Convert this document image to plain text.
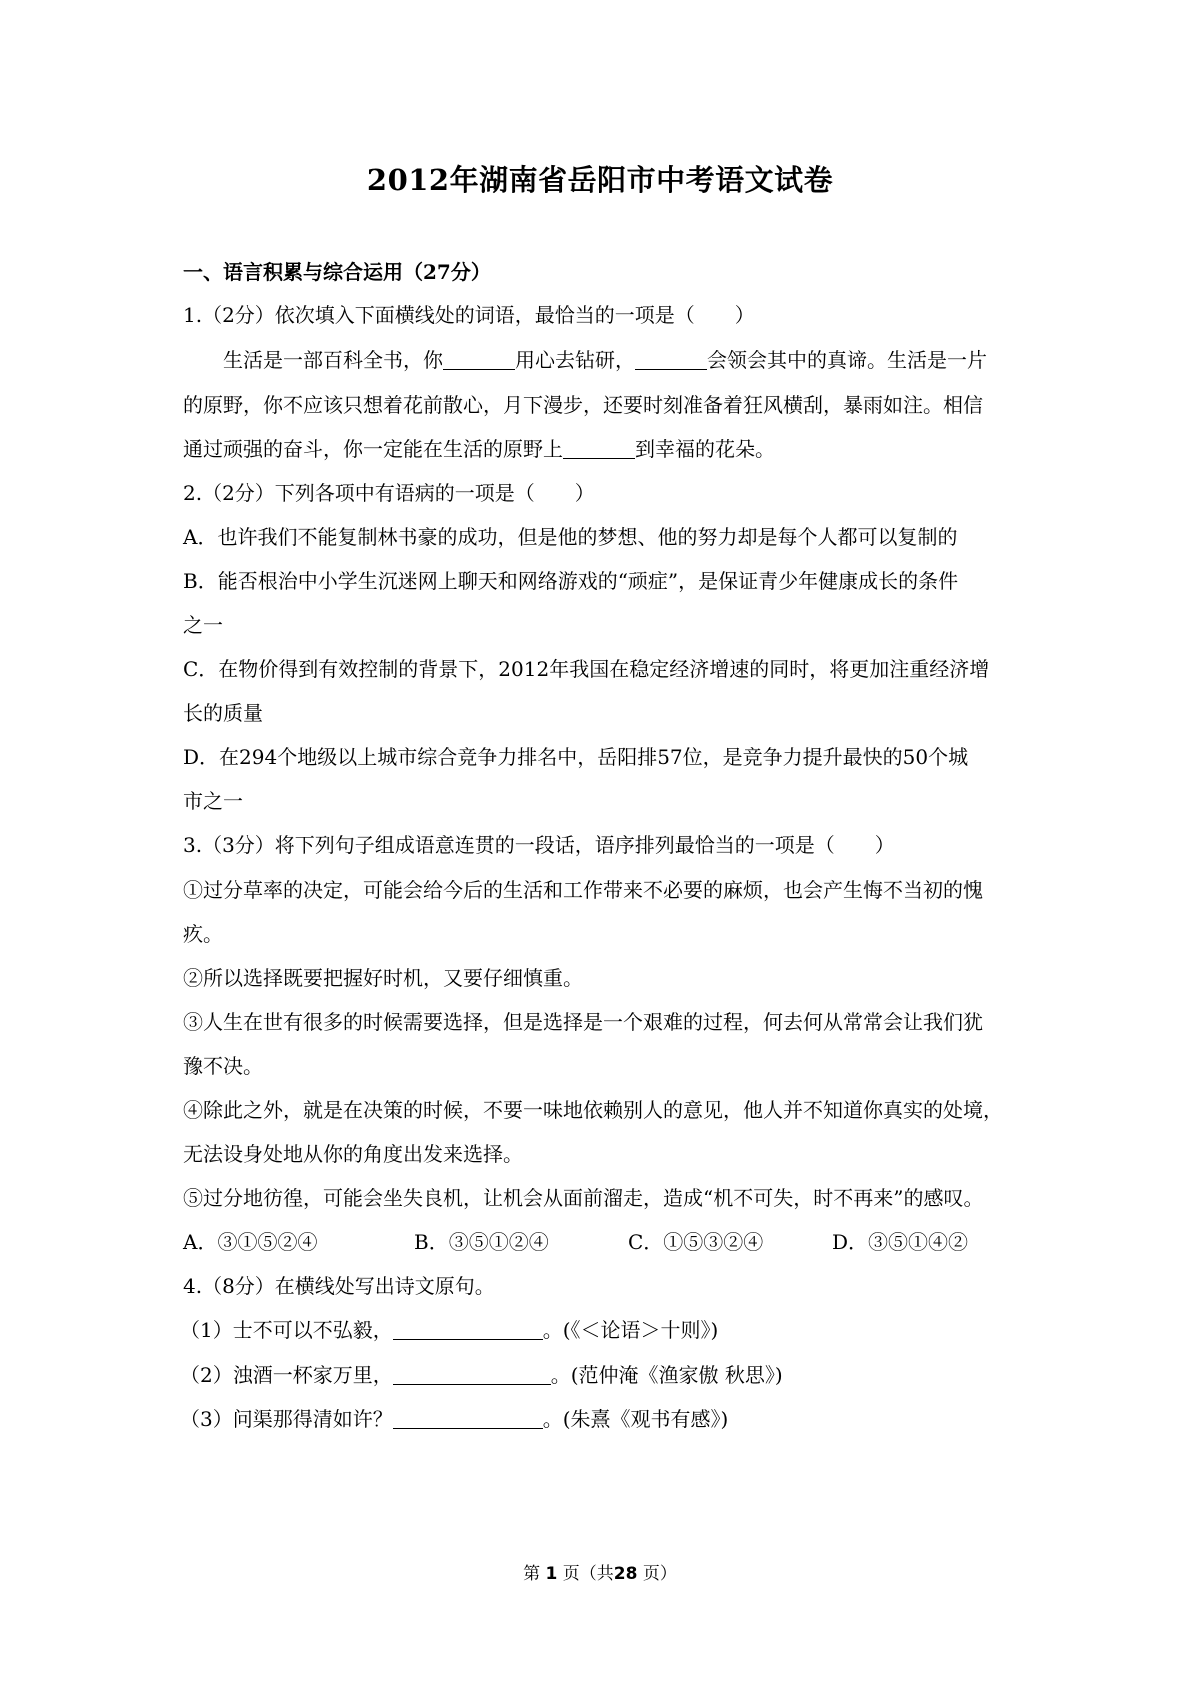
2012年湖南省岳阳市中考语文试卷
一、语言积累与综合运用（27分）
1.（2分）依次填入下面横线处的词语，最恰当的一项是（　　）
　　生活是一部百科全书，你	用心去钻研，	会领会其中的真谛。生活是一片
的原野，你不应该只想着花前散心，月下漫步，还要时刻准备着狂风横刮，暴雨如注。相信
通过顽强的奋斗，你一定能在生活的原野上	到幸福的花朵。
2.（2分）下列各项中有语病的一项是（　　）
A．也许我们不能复制林书豪的成功，但是他的梦想、他的努力却是每个人都可以复制的
B．能否根治中小学生沉迷网上聊天和网络游戏的“顽症”，是保证青少年健康成长的条件
之一
C．在物价得到有效控制的背景下，2012年我国在稳定经济增速的同时，将更加注重经济增
长的质量
D．在294个地级以上城市综合竞争力排名中，岳阳排57位，是竞争力提升最快的50个城
市之一
3.（3分）将下列句子组成语意连贯的一段话，语序排列最恰当的一项是（　　）
①过分草率的决定，可能会给今后的生活和工作带来不必要的麻烦，也会产生悔不当初的愧
疚。
②所以选择既要把握好时机，又要仔细慎重。
③人生在世有很多的时候需要选择，但是选择是一个艰难的过程，何去何从常常会让我们犹
豫不决。
④除此之外，就是在决策的时候，不要一味地依赖别人的意见，他人并不知道你真实的处境，
无法设身处地从你的角度出发来选择。
⑤过分地彷徨，可能会坐失良机，让机会从面前溜走，造成“机不可失，时不再来”的感叹。
A．③①⑤②④	B．③⑤①②④	C．①⑤③②④	D．③⑤①④②
4.（8分）在横线处写出诗文原句。
（1）士不可以不弘毅，	。(《＜论语＞十则》)
（2）浊酒一杯家万里，	。(范仲淹《渔家傲 秋思》)
（3）问渠那得清如许？	。(朱熹《观书有感》)
第 1 页（共28 页）
